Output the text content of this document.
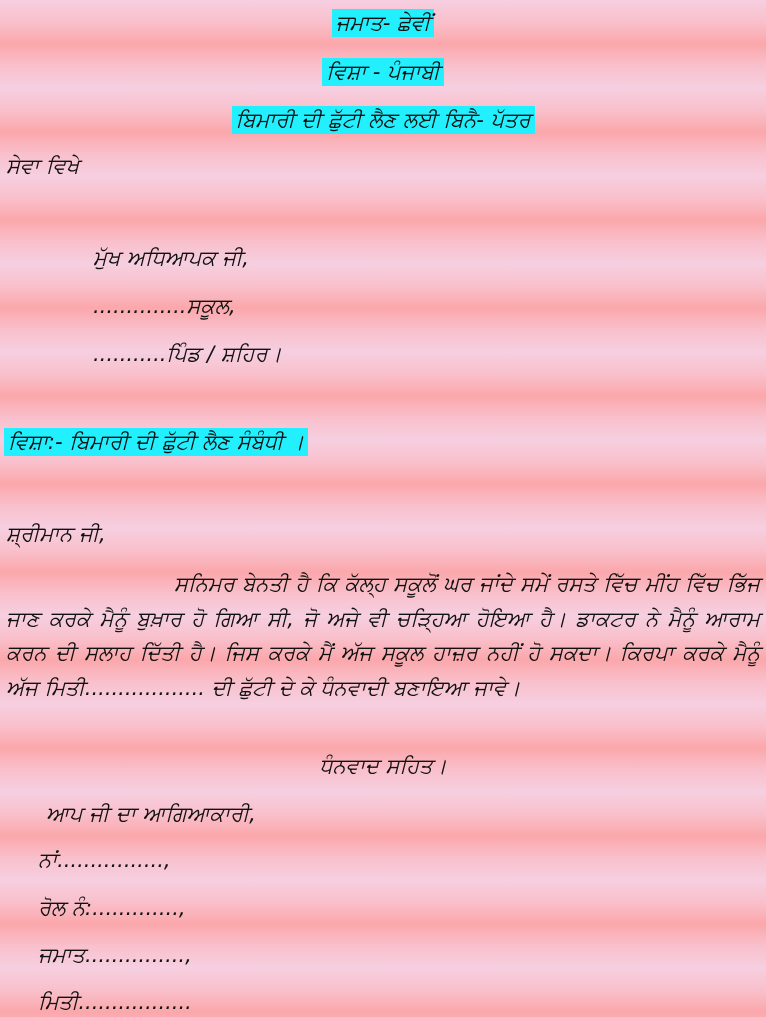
ਜਮਾਤ- ਛੇਵੀਂ
ਵਿਸ਼ਾ - ਪੰਜਾਬੀ
ਬਿਮਾਰੀ ਦੀ ਛੁੱਟੀ ਲੈਣ ਲਈ ਬਿਨੈ- ਪੱਤਰ
ਸੇਵਾ ਵਿਖੇ
ਮੁੱਖ ਅਧਿਆਪਕ ਜੀ,
..............ਸਕੂਲ,
...........ਪਿੰਡ / ਸ਼ਹਿਰ।
ਵਿਸ਼ਾ:- ਬਿਮਾਰੀ ਦੀ ਛੁੱਟੀ ਲੈਣ ਸੰਬੰਧੀ ।
ਸ਼੍ਰੀਮਾਨ ਜੀ,
ਸਨਿਮਰ ਬੇਨਤੀ ਹੈ ਕਿ ਕੱਲ੍ਹ ਸਕੂਲੋਂ ਘਰ ਜਾਂਦੇ ਸਮੇਂ ਰਸਤੇ ਵਿੱਚ ਮੀਂਹ ਵਿੱਚ ਭਿੱਜ ਜਾਣ ਕਰਕੇ ਮੈਨੂੰ ਬੁਖ਼ਾਰ ਹੋ ਗਿਆ ਸੀ, ਜੋ ਅਜੇ ਵੀ ਚੜ੍ਹਿਆ ਹੋਇਆ ਹੈ। ਡਾਕਟਰ ਨੇ ਮੈਨੂੰ ਆਰਾਮ ਕਰਨ ਦੀ ਸਲਾਹ ਦਿੱਤੀ ਹੈ। ਜਿਸ ਕਰਕੇ ਮੈਂ ਅੱਜ ਸਕੂਲ ਹਾਜ਼ਰ ਨਹੀਂ ਹੋ ਸਕਦਾ। ਕਿਰਪਾ ਕਰਕੇ ਮੈਨੂੰ ਅੱਜ ਮਿਤੀ.................. ਦੀ ਛੁੱਟੀ ਦੇ ਕੇ ਧੰਨਵਾਦੀ ਬਣਾਇਆ ਜਾਵੇ।
ਧੰਨਵਾਦ ਸਹਿਤ।
ਆਪ ਜੀ ਦਾ ਆਗਿਆਕਾਰੀ,
ਨਾਂ................,
ਰੋਲ ਨੰ:.............,
ਜਮਾਤ...............,
ਮਿਤੀ.................
